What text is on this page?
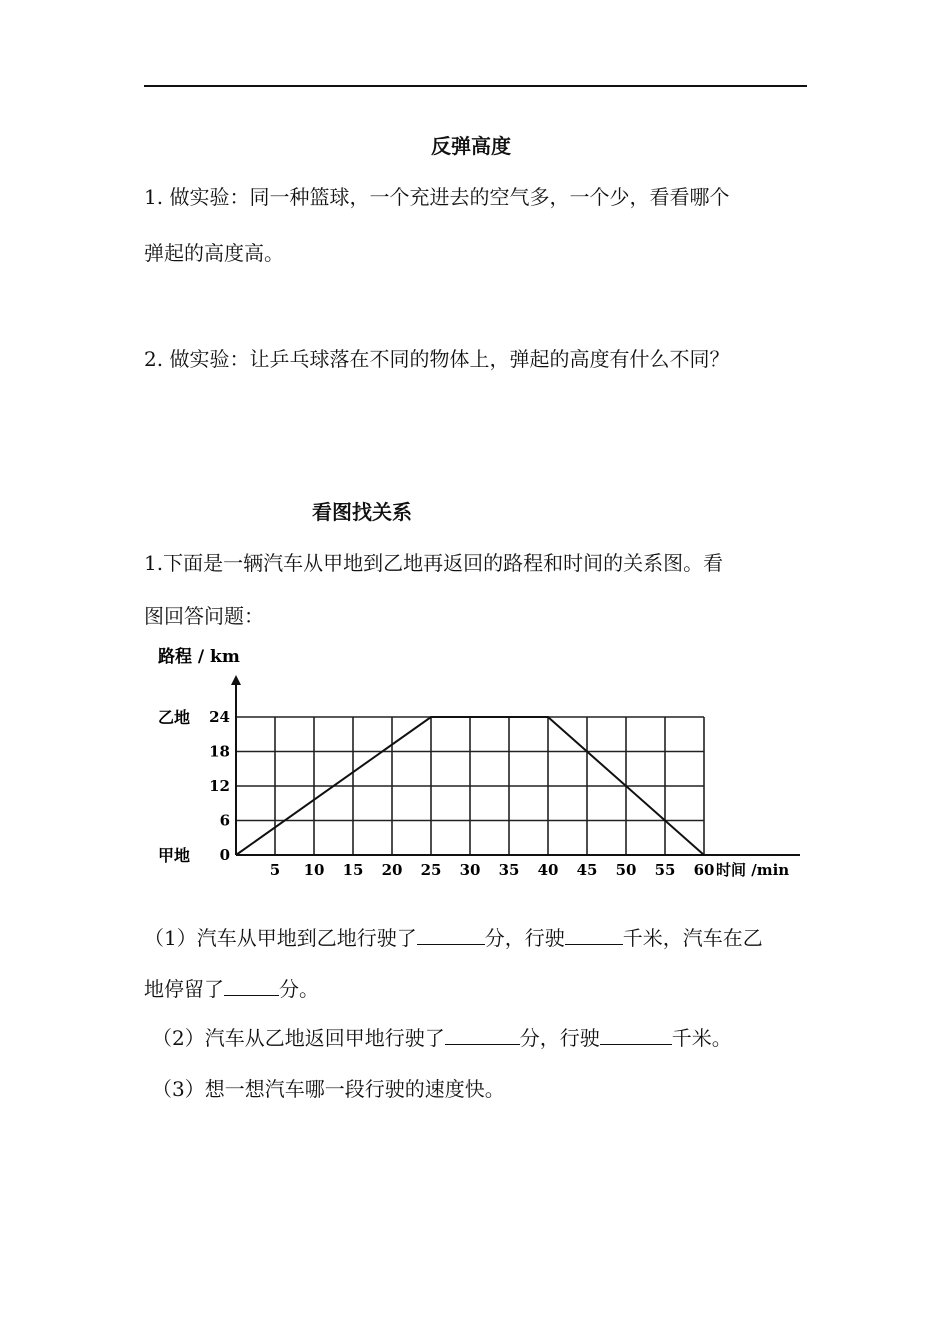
反弹高度
1. 做实验：同一种篮球，一个充进去的空气多，一个少，看看哪个
弹起的高度高。
2. 做实验：让乒乓球落在不同的物体上，弹起的高度有什么不同？
看图找关系
1.下面是一辆汽车从甲地到乙地再返回的路程和时间的关系图。看
图回答问题：
5 10 15 20 25 30 35 40 45 50 55 60
0
6
12
18
24
乙地
甲地
路程 / km
时间 /min
（1）汽车从甲地到乙地行驶了	分，行驶	千米，汽车在乙
地停留了	分。
（2）汽车从乙地返回甲地行驶了	分，行驶	千米。
（3）想一想汽车哪一段行驶的速度快。
